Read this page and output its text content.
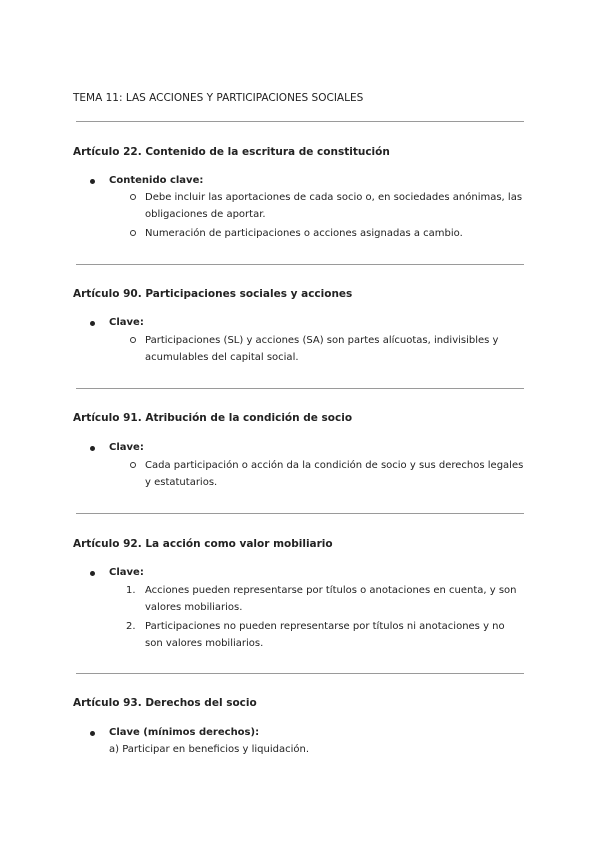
TEMA 11: LAS ACCIONES Y PARTICIPACIONES SOCIALES
Artículo 22. Contenido de la escritura de constitución
Contenido clave:
Debe incluir las aportaciones de cada socio o, en sociedades anónimas, las obligaciones de aportar.
Numeración de participaciones o acciones asignadas a cambio.
Artículo 90. Participaciones sociales y acciones
Clave:
Participaciones (SL) y acciones (SA) son partes alícuotas, indivisibles y acumulables del capital social.
Artículo 91. Atribución de la condición de socio
Clave:
Cada participación o acción da la condición de socio y sus derechos legales y estatutarios.
Artículo 92. La acción como valor mobiliario
Clave:
1. Acciones pueden representarse por títulos o anotaciones en cuenta, y son valores mobiliarios.
2. Participaciones no pueden representarse por títulos ni anotaciones y no son valores mobiliarios.
Artículo 93. Derechos del socio
Clave (mínimos derechos):
a) Participar en beneficios y liquidación.
